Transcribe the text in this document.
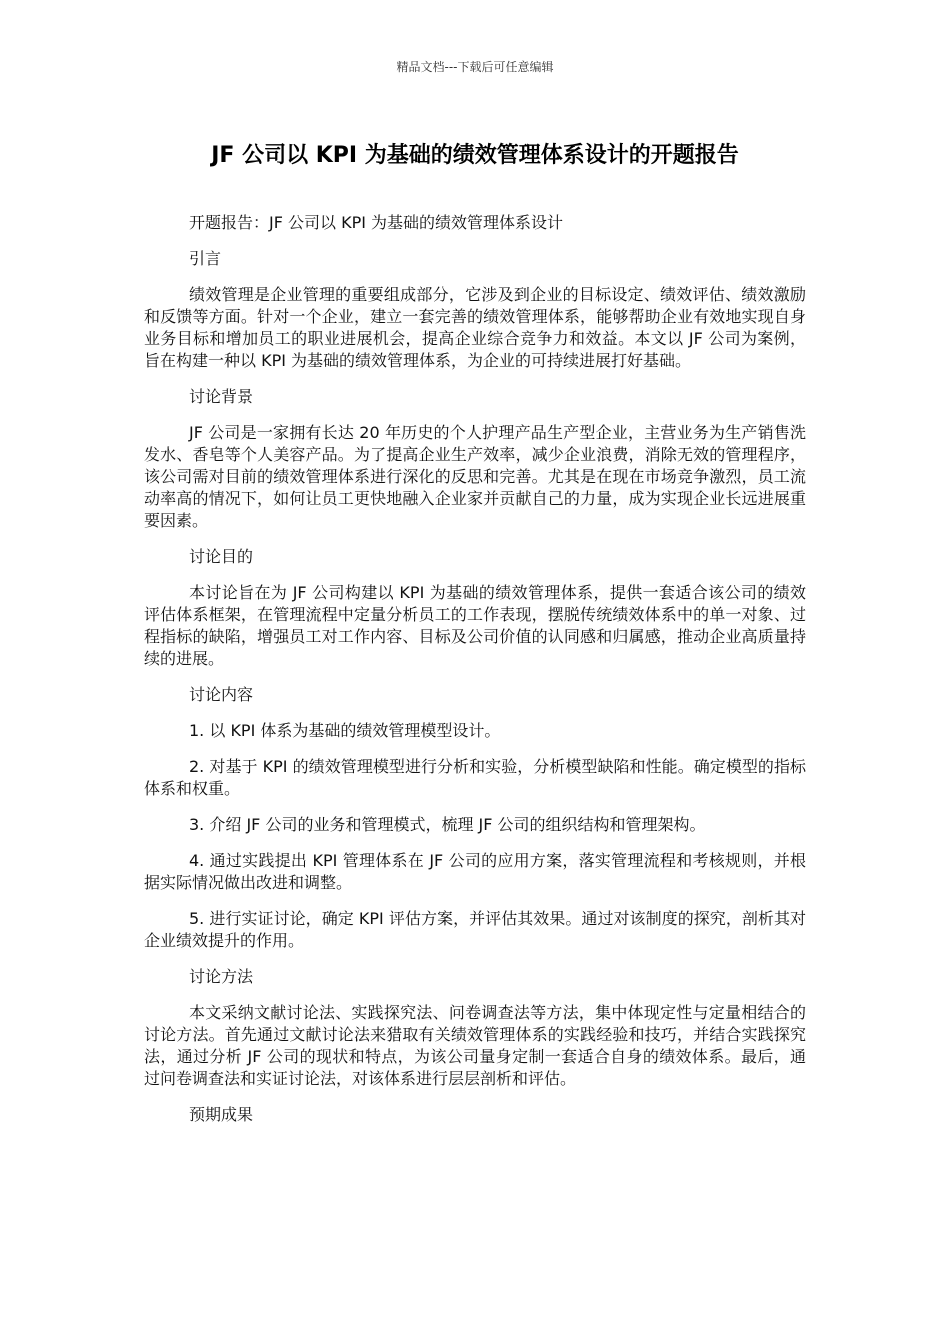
精品文档---下载后可任意编辑
JF 公司以 KPI 为基础的绩效管理体系设计的开题报告

开题报告：JF 公司以 KPI 为基础的绩效管理体系设计

引言

绩效管理是企业管理的重要组成部分，它涉及到企业的目标设定、绩效评估、绩效激励和反馈等方面。针对一个企业，建立一套完善的绩效管理体系，能够帮助企业有效地实现自身业务目标和增加员工的职业进展机会，提高企业综合竞争力和效益。本文以 JF 公司为案例，旨在构建一种以 KPI 为基础的绩效管理体系，为企业的可持续进展打好基础。

讨论背景

JF 公司是一家拥有长达 20 年历史的个人护理产品生产型企业，主营业务为生产销售洗发水、香皂等个人美容产品。为了提高企业生产效率，减少企业浪费，消除无效的管理程序，该公司需对目前的绩效管理体系进行深化的反思和完善。尤其是在现在市场竞争激烈，员工流动率高的情况下，如何让员工更快地融入企业家并贡献自己的力量，成为实现企业长远进展重要因素。

讨论目的

本讨论旨在为 JF 公司构建以 KPI 为基础的绩效管理体系，提供一套适合该公司的绩效评估体系框架，在管理流程中定量分析员工的工作表现，摆脱传统绩效体系中的单一对象、过程指标的缺陷，增强员工对工作内容、目标及公司价值的认同感和归属感，推动企业高质量持续的进展。

讨论内容

1. 以 KPI 体系为基础的绩效管理模型设计。

2. 对基于 KPI 的绩效管理模型进行分析和实验，分析模型缺陷和性能。确定模型的指标体系和权重。

3. 介绍 JF 公司的业务和管理模式，梳理 JF 公司的组织结构和管理架构。

4. 通过实践提出 KPI 管理体系在 JF 公司的应用方案，落实管理流程和考核规则，并根据实际情况做出改进和调整。

5. 进行实证讨论，确定 KPI 评估方案，并评估其效果。通过对该制度的探究，剖析其对企业绩效提升的作用。

讨论方法

本文采纳文献讨论法、实践探究法、问卷调查法等方法，集中体现定性与定量相结合的讨论方法。首先通过文献讨论法来猎取有关绩效管理体系的实践经验和技巧，并结合实践探究法，通过分析 JF 公司的现状和特点，为该公司量身定制一套适合自身的绩效体系。最后，通过问卷调查法和实证讨论法，对该体系进行层层剖析和评估。

预期成果
